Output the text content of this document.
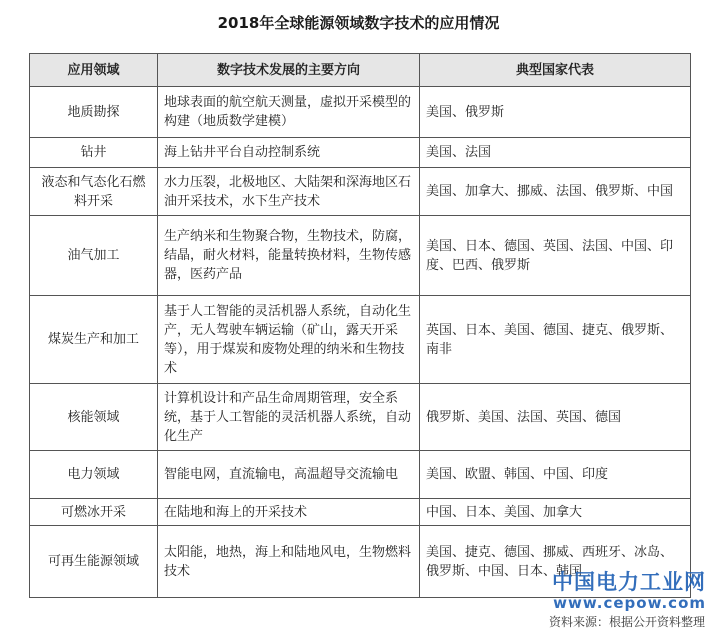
2018年全球能源领域数字技术的应用情况
应用领域	数字技术发展的主要方向	典型国家代表
地质勘探	地球表面的航空航天测量，虚拟开采模型的构建（地质数学建模）	美国、俄罗斯
钻井	海上钻井平台自动控制系统	美国、法国
液态和气态化石燃料开采	水力压裂，北极地区、大陆架和深海地区石油开采技术，水下生产技术	美国、加拿大、挪威、法国、俄罗斯、中国
油气加工	生产纳米和生物聚合物，生物技术，防腐，结晶，耐火材料，能量转换材料，生物传感器，医药产品	美国、日本、德国、英国、法国、中国、印度、巴西、俄罗斯
煤炭生产和加工	基于人工智能的灵活机器人系统，自动化生产，无人驾驶车辆运输（矿山，露天开采等），用于煤炭和废物处理的纳米和生物技术	英国、日本、美国、德国、捷克、俄罗斯、南非
核能领域	计算机设计和产品生命周期管理，安全系统，基于人工智能的灵活机器人系统，自动化生产	俄罗斯、美国、法国、英国、德国
电力领域	智能电网，直流输电，高温超导交流输电	美国、欧盟、韩国、中国、印度
可燃冰开采	在陆地和海上的开采技术	中国、日本、美国、加拿大
可再生能源领域	太阳能，地热，海上和陆地风电，生物燃料技术	美国、捷克、德国、挪威、西班牙、冰岛、俄罗斯、中国、日本、韩国
中国电力工业网
www.cepow.com
资料来源：根据公开资料整理
